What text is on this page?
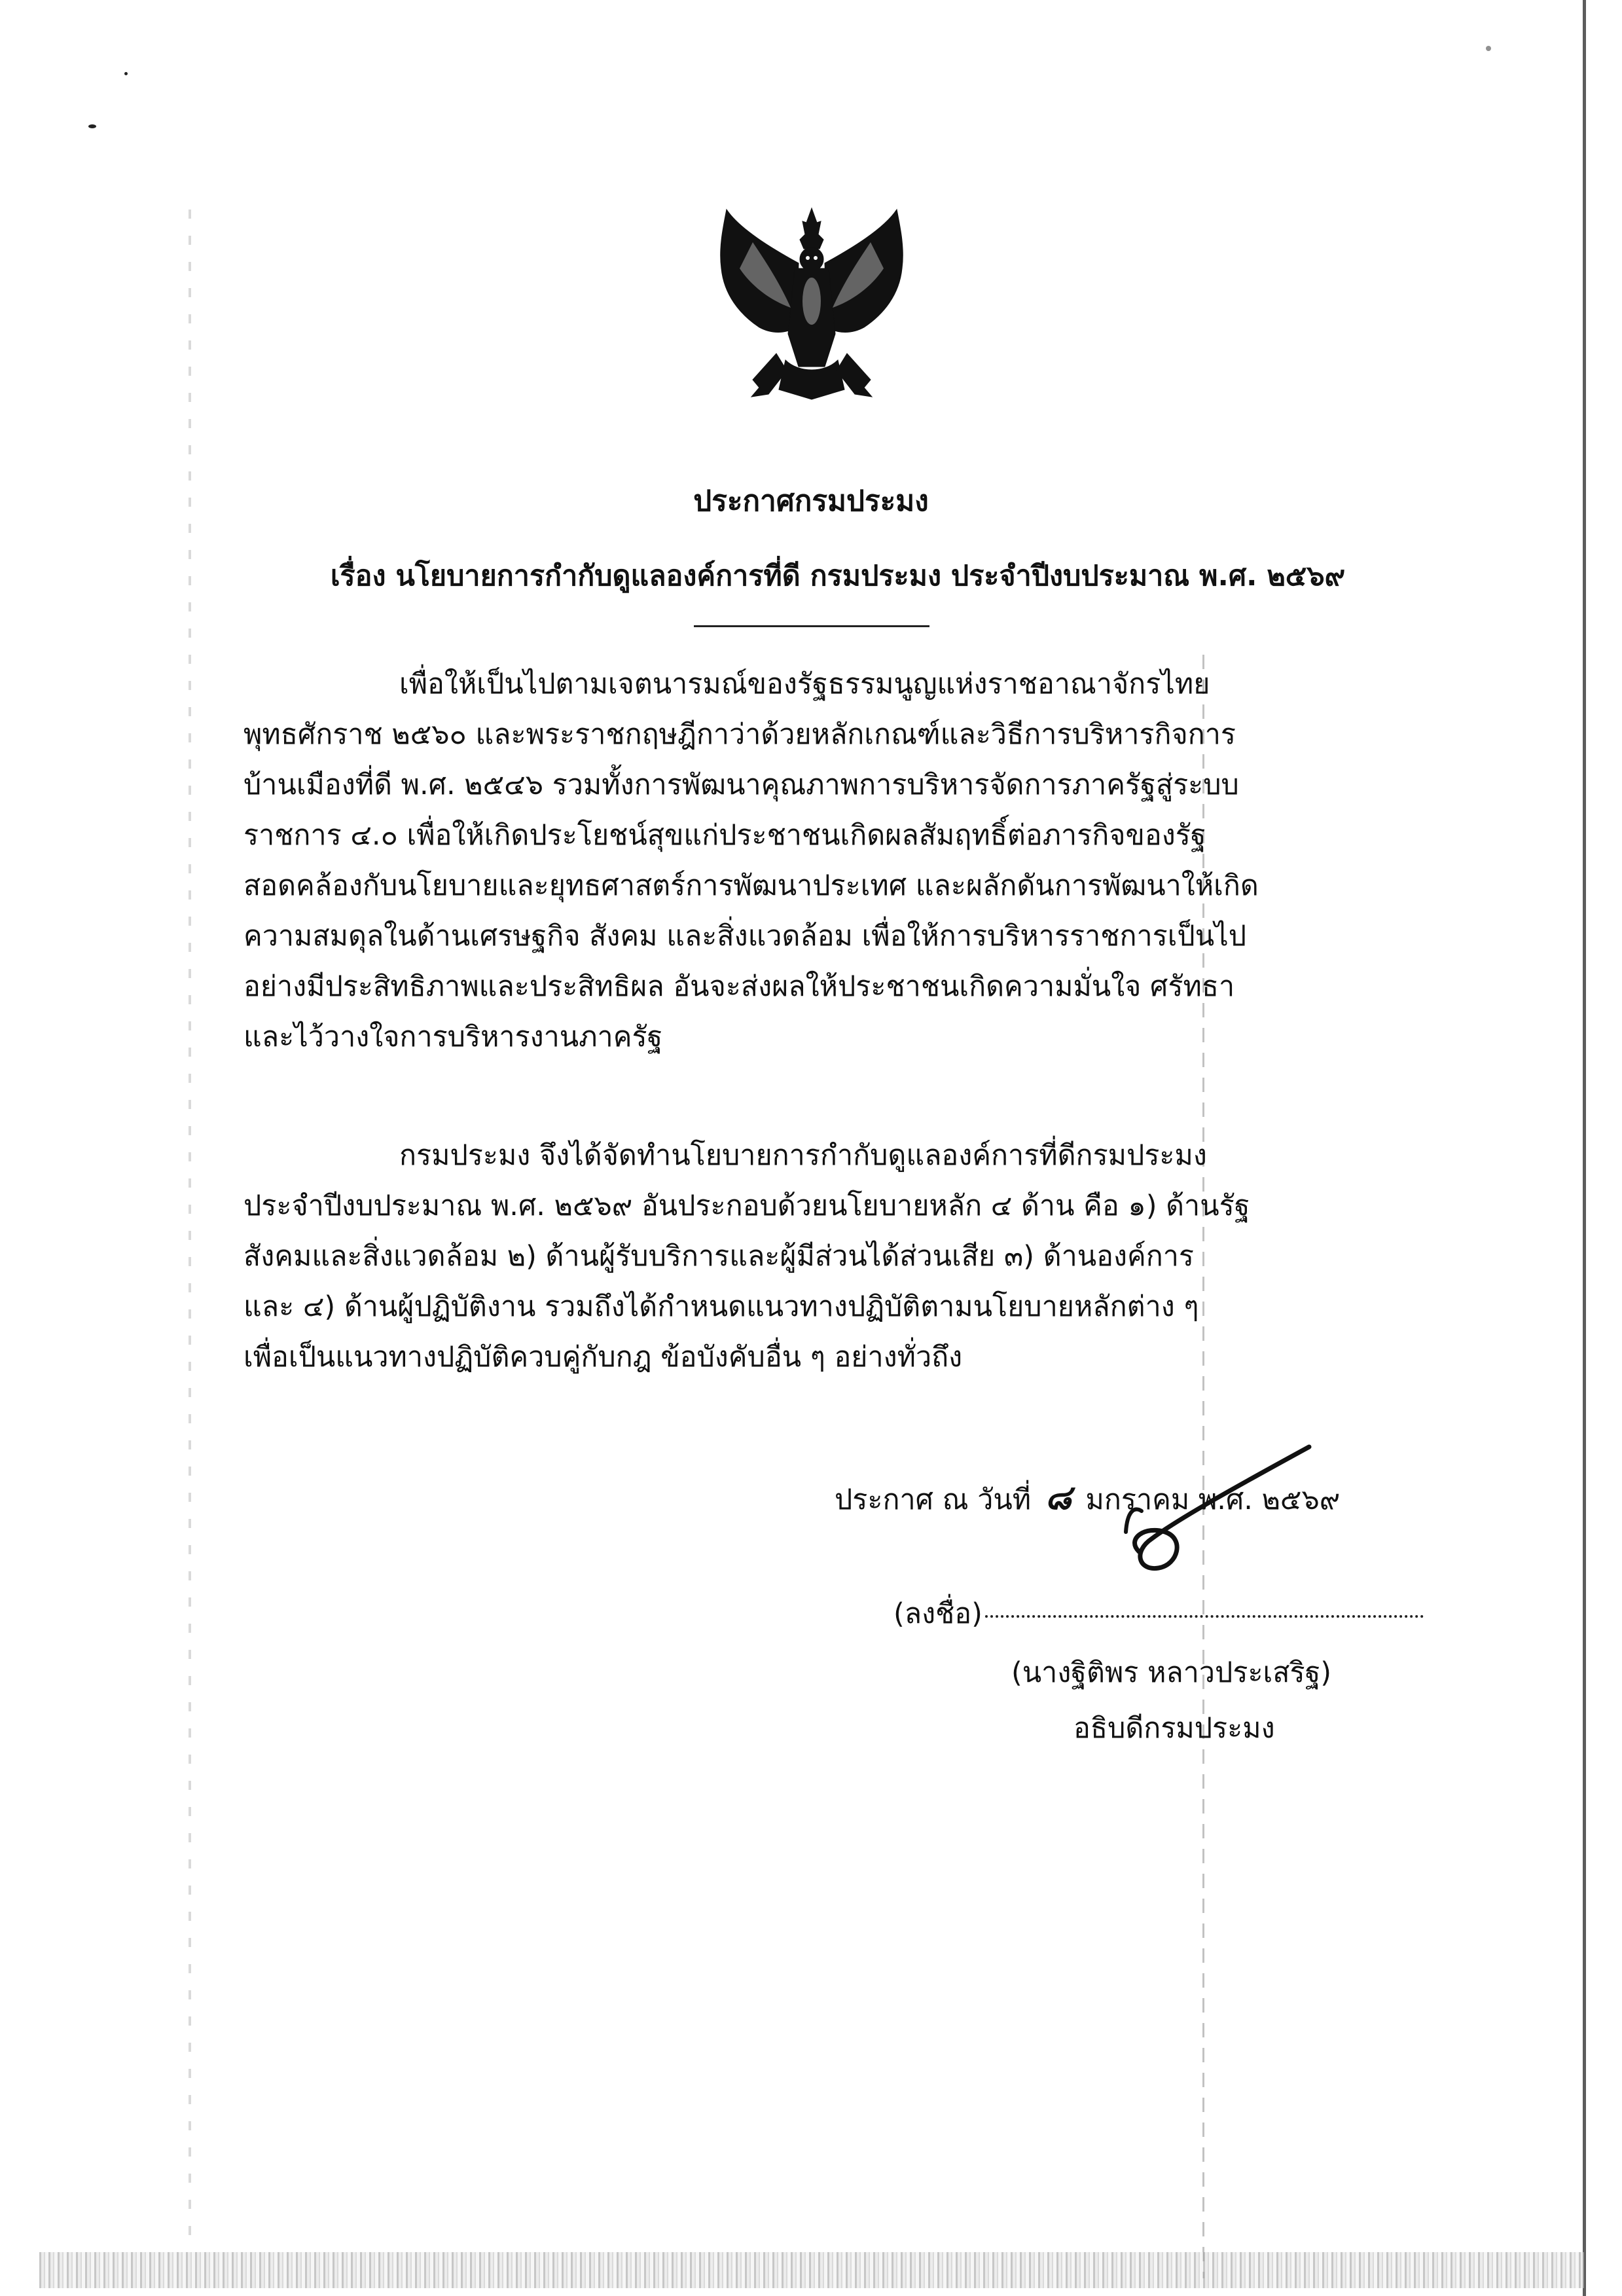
ประกาศกรมประมง
เรื่อง นโยบายการกำกับดูแลองค์การที่ดี กรมประมง ประจำปีงบประมาณ พ.ศ. ๒๕๖๙
เพื่อให้เป็นไปตามเจตนารมณ์ของรัฐธรรมนูญแห่งราชอาณาจักรไทย
พุทธศักราช ๒๕๖๐ และพระราชกฤษฎีกาว่าด้วยหลักเกณฑ์และวิธีการบริหารกิจการ
บ้านเมืองที่ดี พ.ศ. ๒๕๔๖ รวมทั้งการพัฒนาคุณภาพการบริหารจัดการภาครัฐสู่ระบบ
ราชการ ๔.๐ เพื่อให้เกิดประโยชน์สุขแก่ประชาชนเกิดผลสัมฤทธิ์ต่อภารกิจของรัฐ
สอดคล้องกับนโยบายและยุทธศาสตร์การพัฒนาประเทศ และผลักดันการพัฒนาให้เกิด
ความสมดุลในด้านเศรษฐกิจ สังคม และสิ่งแวดล้อม เพื่อให้การบริหารราชการเป็นไป
อย่างมีประสิทธิภาพและประสิทธิผล อันจะส่งผลให้ประชาชนเกิดความมั่นใจ ศรัทธา
และไว้วางใจการบริหารงานภาครัฐ
กรมประมง จึงได้จัดทำนโยบายการกำกับดูแลองค์การที่ดีกรมประมง
ประจำปีงบประมาณ พ.ศ. ๒๕๖๙ อันประกอบด้วยนโยบายหลัก ๔ ด้าน คือ ๑) ด้านรัฐ
สังคมและสิ่งแวดล้อม ๒) ด้านผู้รับบริการและผู้มีส่วนได้ส่วนเสีย ๓) ด้านองค์การ
และ ๔) ด้านผู้ปฏิบัติงาน รวมถึงได้กำหนดแนวทางปฏิบัติตามนโยบายหลักต่าง ๆ
เพื่อเป็นแนวทางปฏิบัติควบคู่กับกฎ ข้อบังคับอื่น ๆ อย่างทั่วถึง
ประกาศ ณ วันที่ ๘ มกราคม พ.ศ. ๒๕๖๙
(ลงชื่อ)
(นางฐิติพร หลาวประเสริฐ)
อธิบดีกรมประมง
